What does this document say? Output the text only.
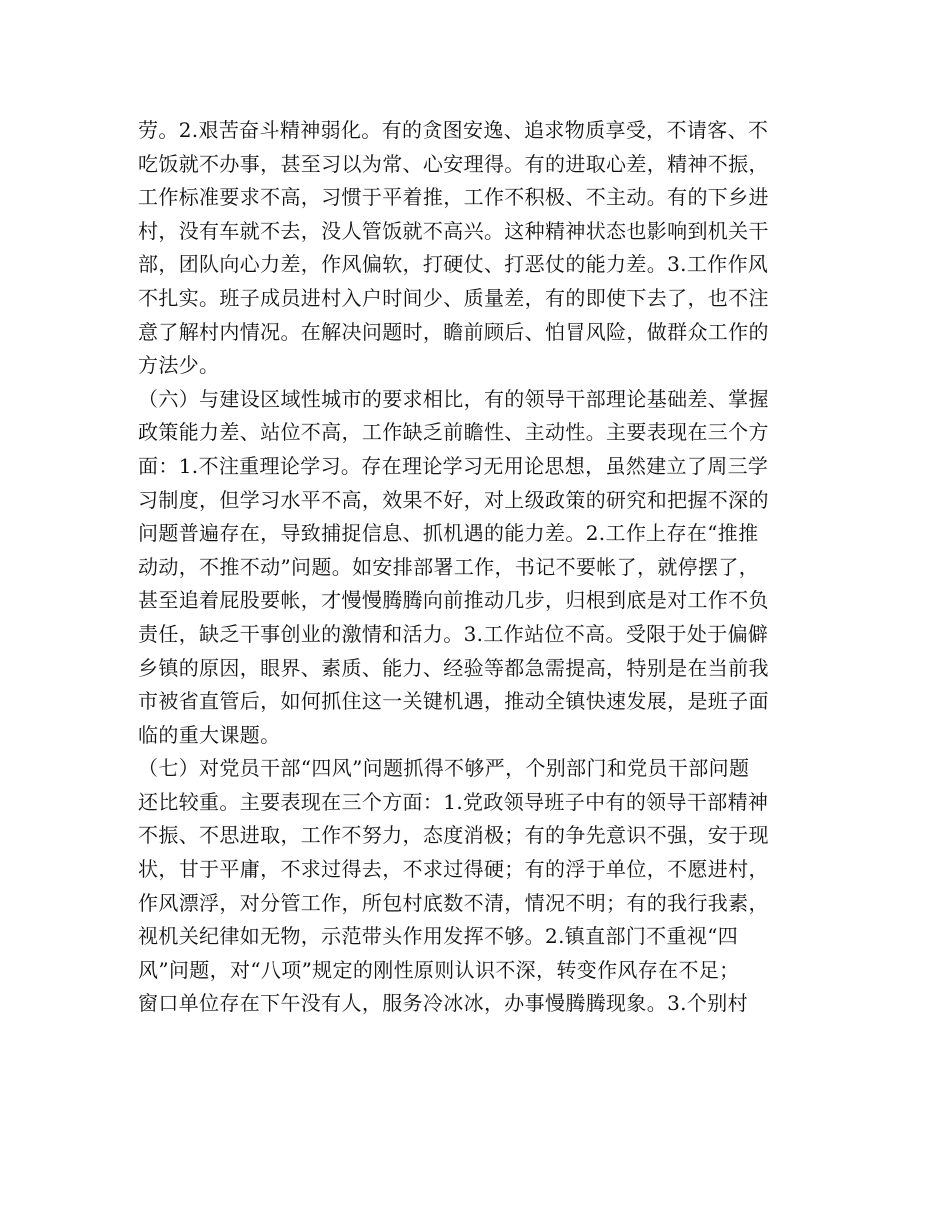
劳。2.艰苦奋斗精神弱化。有的贪图安逸、追求物质享受，不请客、不
吃饭就不办事，甚至习以为常、心安理得。有的进取心差，精神不振，
工作标准要求不高，习惯于平着推，工作不积极、不主动。有的下乡进
村，没有车就不去，没人管饭就不高兴。这种精神状态也影响到机关干
部，团队向心力差，作风偏软，打硬仗、打恶仗的能力差。3.工作作风
不扎实。班子成员进村入户时间少、质量差，有的即使下去了，也不注
意了解村内情况。在解决问题时，瞻前顾后、怕冒风险，做群众工作的
方法少。
（六）与建设区域性城市的要求相比，有的领导干部理论基础差、掌握
政策能力差、站位不高，工作缺乏前瞻性、主动性。主要表现在三个方
面：1.不注重理论学习。存在理论学习无用论思想，虽然建立了周三学
习制度，但学习水平不高，效果不好，对上级政策的研究和把握不深的
问题普遍存在，导致捕捉信息、抓机遇的能力差。2.工作上存在“推推
动动，不推不动”问题。如安排部署工作，书记不要帐了，就停摆了，
甚至追着屁股要帐，才慢慢腾腾向前推动几步，归根到底是对工作不负
责任，缺乏干事创业的激情和活力。3.工作站位不高。受限于处于偏僻
乡镇的原因，眼界、素质、能力、经验等都急需提高，特别是在当前我
市被省直管后，如何抓住这一关键机遇，推动全镇快速发展，是班子面
临的重大课题。
（七）对党员干部“四风”问题抓得不够严，个别部门和党员干部问题
还比较重。主要表现在三个方面：1.党政领导班子中有的领导干部精神
不振、不思进取，工作不努力，态度消极；有的争先意识不强，安于现
状，甘于平庸，不求过得去，不求过得硬；有的浮于单位，不愿进村，
作风漂浮，对分管工作，所包村底数不清，情况不明；有的我行我素，
视机关纪律如无物，示范带头作用发挥不够。2.镇直部门不重视“四
风”问题，对“八项”规定的刚性原则认识不深，转变作风存在不足；
窗口单位存在下午没有人，服务冷冰冰，办事慢腾腾现象。3.个别村
